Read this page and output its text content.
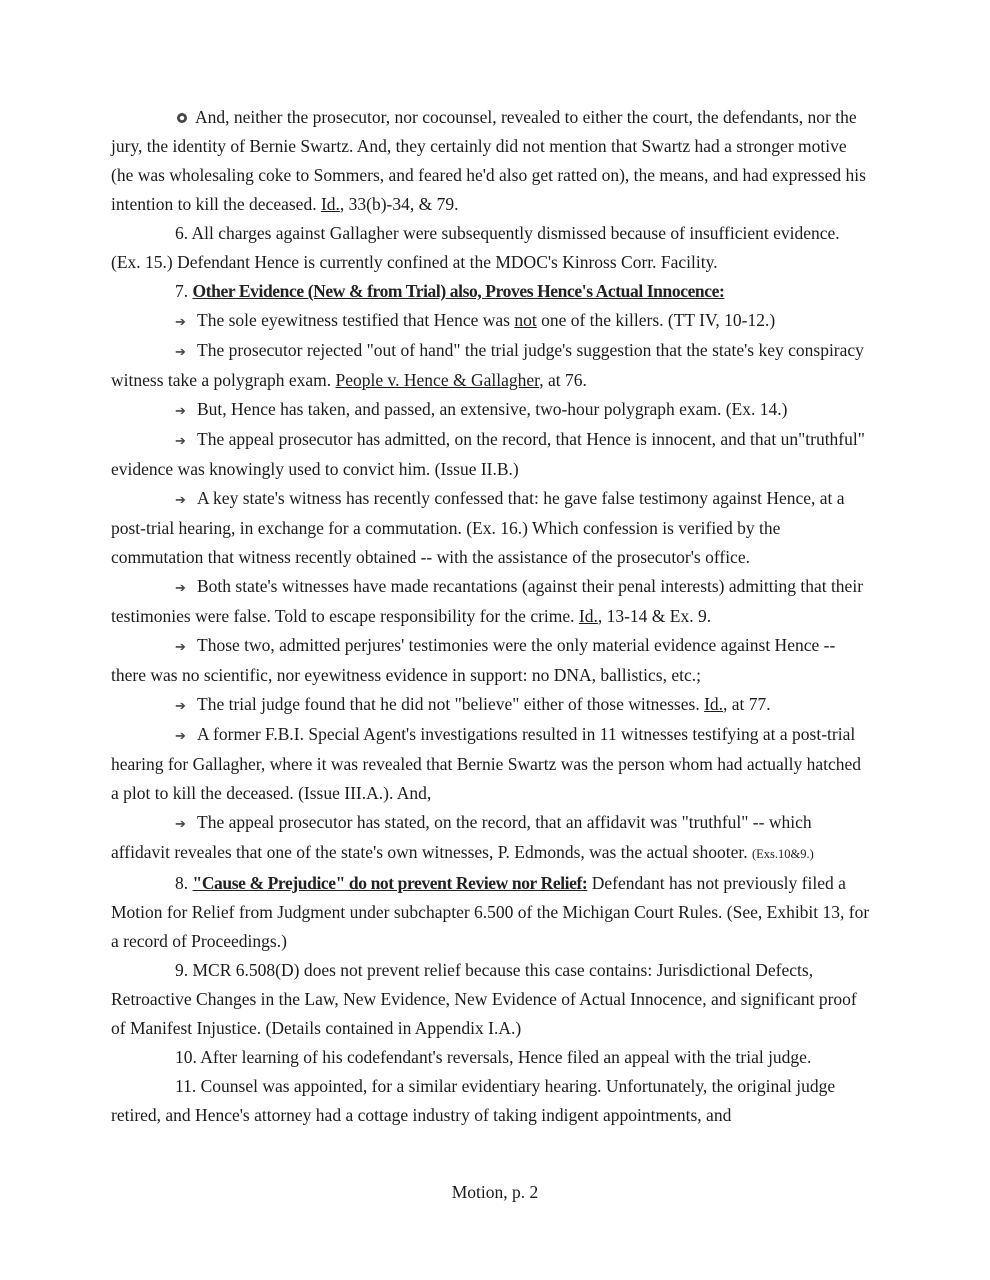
And, neither the prosecutor, nor cocounsel, revealed to either the court, the defendants, nor the jury, the identity of Bernie Swartz. And, they certainly did not mention that Swartz had a stronger motive (he was wholesaling coke to Sommers, and feared he'd also get ratted on), the means, and had expressed his intention to kill the deceased. Id., 33(b)-34, & 79.

6. All charges against Gallagher were subsequently dismissed because of insufficient evidence. (Ex. 15.) Defendant Hence is currently confined at the MDOC's Kinross Corr. Facility.

7. Other Evidence (New & from Trial) also, Proves Hence's Actual Innocence:

➔ The sole eyewitness testified that Hence was not one of the killers. (TT IV, 10-12.)

➔ The prosecutor rejected "out of hand" the trial judge's suggestion that the state's key conspiracy witness take a polygraph exam. People v. Hence & Gallagher, at 76.

➔ But, Hence has taken, and passed, an extensive, two-hour polygraph exam. (Ex. 14.)

➔ The appeal prosecutor has admitted, on the record, that Hence is innocent, and that un"truthful" evidence was knowingly used to convict him. (Issue II.B.)

➔ A key state's witness has recently confessed that: he gave false testimony against Hence, at a post-trial hearing, in exchange for a commutation. (Ex. 16.) Which confession is verified by the commutation that witness recently obtained -- with the assistance of the prosecutor's office.

➔ Both state's witnesses have made recantations (against their penal interests) admitting that their testimonies were false. Told to escape responsibility for the crime. Id., 13-14 & Ex. 9.

➔ Those two, admitted perjures' testimonies were the only material evidence against Hence -- there was no scientific, nor eyewitness evidence in support: no DNA, ballistics, etc.;

➔ The trial judge found that he did not "believe" either of those witnesses. Id., at 77.

➔ A former F.B.I. Special Agent's investigations resulted in 11 witnesses testifying at a post-trial hearing for Gallagher, where it was revealed that Bernie Swartz was the person whom had actually hatched a plot to kill the deceased. (Issue III.A.). And,

➔ The appeal prosecutor has stated, on the record, that an affidavit was "truthful" -- which affidavit reveales that one of the state's own witnesses, P. Edmonds, was the actual shooter. (Exs.10&9.)

8. "Cause & Prejudice" do not prevent Review nor Relief: Defendant has not previously filed a Motion for Relief from Judgment under subchapter 6.500 of the Michigan Court Rules. (See, Exhibit 13, for a record of Proceedings.)

9. MCR 6.508(D) does not prevent relief because this case contains: Jurisdictional Defects, Retroactive Changes in the Law, New Evidence, New Evidence of Actual Innocence, and significant proof of Manifest Injustice. (Details contained in Appendix I.A.)

10. After learning of his codefendant's reversals, Hence filed an appeal with the trial judge.

11. Counsel was appointed, for a similar evidentiary hearing. Unfortunately, the original judge retired, and Hence's attorney had a cottage industry of taking indigent appointments, and

Motion, p. 2
